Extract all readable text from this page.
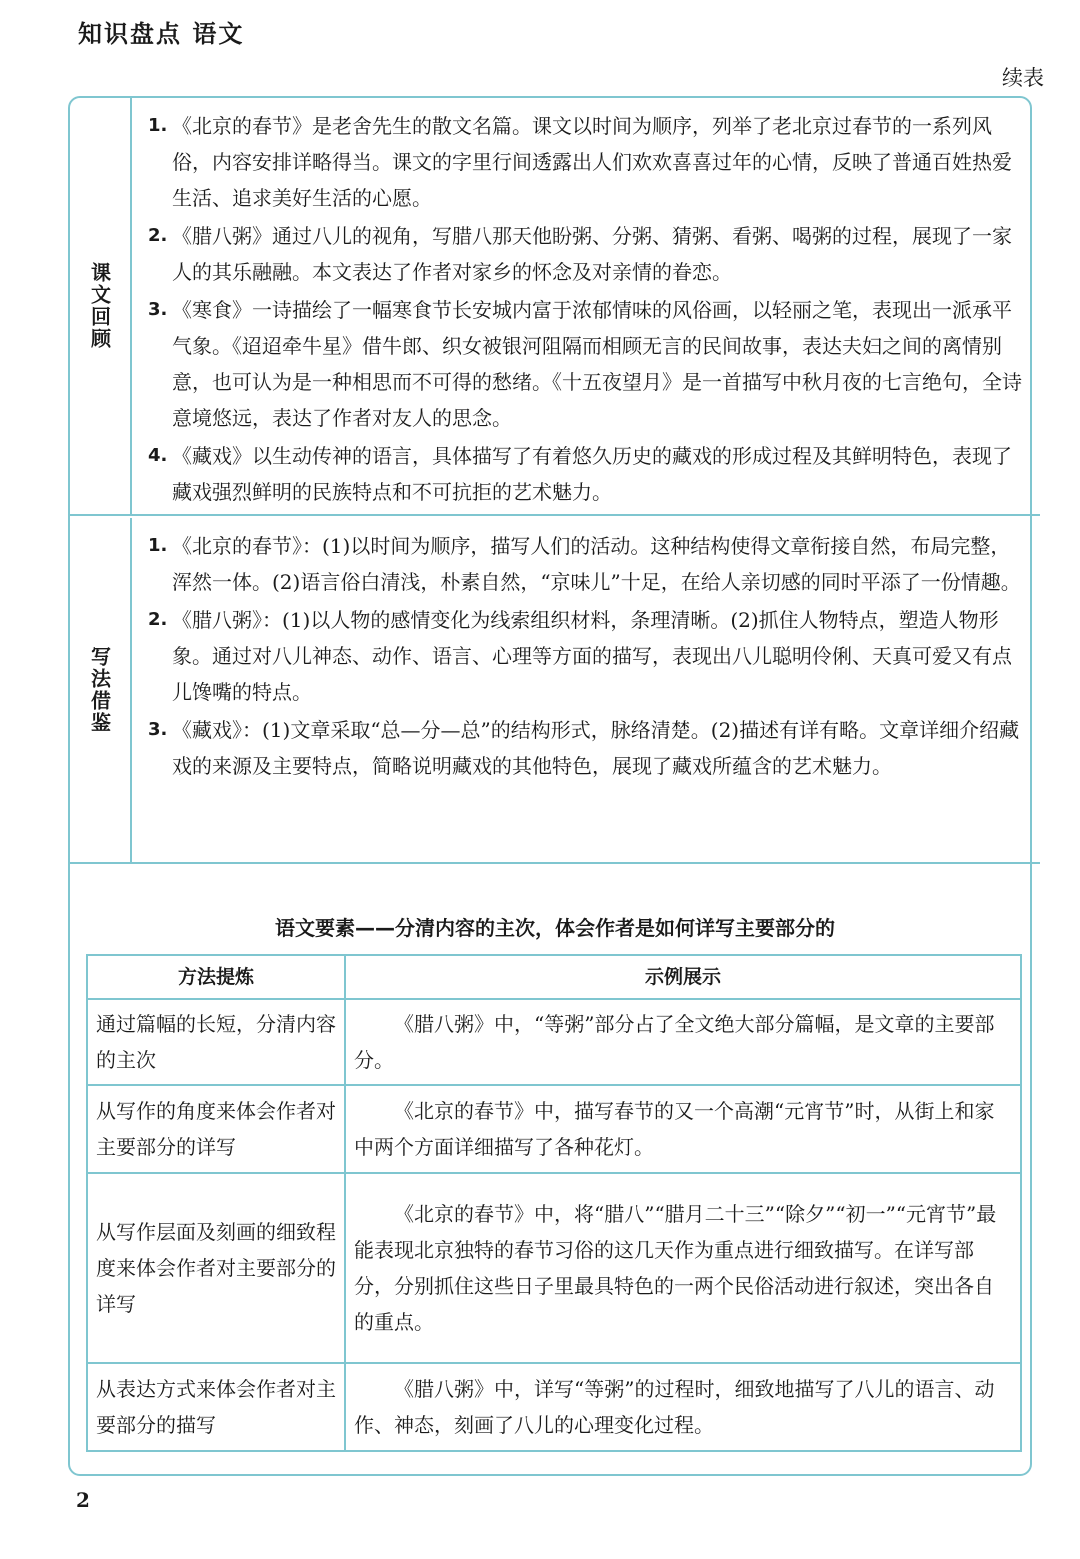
知识盘点 语文
续表
课文回顾
1. 《北京的春节》是老舍先生的散文名篇。课文以时间为顺序，列举了老北京过春节的一系列风俗，内容安排详略得当。课文的字里行间透露出人们欢欢喜喜过年的心情，反映了普通百姓热爱生活、追求美好生活的心愿。
2. 《腊八粥》通过八儿的视角，写腊八那天他盼粥、分粥、猜粥、看粥、喝粥的过程，展现了一家人的其乐融融。本文表达了作者对家乡的怀念及对亲情的眷恋。
3. 《寒食》一诗描绘了一幅寒食节长安城内富于浓郁情味的风俗画，以轻丽之笔，表现出一派承平气象。《迢迢牵牛星》借牛郎、织女被银河阻隔而相顾无言的民间故事，表达夫妇之间的离情别意，也可认为是一种相思而不可得的愁绪。《十五夜望月》是一首描写中秋月夜的七言绝句，全诗意境悠远，表达了作者对友人的思念。
4. 《藏戏》以生动传神的语言，具体描写了有着悠久历史的藏戏的形成过程及其鲜明特色，表现了藏戏强烈鲜明的民族特点和不可抗拒的艺术魅力。
写法借鉴
1. 《北京的春节》：(1)以时间为顺序，描写人们的活动。这种结构使得文章衔接自然，布局完整，浑然一体。(2)语言俗白清浅，朴素自然，“京味儿”十足，在给人亲切感的同时平添了一份情趣。
2. 《腊八粥》：(1)以人物的感情变化为线索组织材料，条理清晰。(2)抓住人物特点，塑造人物形象。通过对八儿神态、动作、语言、心理等方面的描写，表现出八儿聪明伶俐、天真可爱又有点儿馋嘴的特点。
3. 《藏戏》：(1)文章采取“总—分—总”的结构形式，脉络清楚。(2)描述有详有略。文章详细介绍藏戏的来源及主要特点，简略说明藏戏的其他特色，展现了藏戏所蕴含的艺术魅力。
语文要素——分清内容的主次，体会作者是如何详写主要部分的
方法提炼	示例展示
通过篇幅的长短，分清内容的主次	《腊八粥》中，“等粥”部分占了全文绝大部分篇幅，是文章的主要部分。
从写作的角度来体会作者对主要部分的详写	《北京的春节》中，描写春节的又一个高潮“元宵节”时，从街上和家中两个方面详细描写了各种花灯。
从写作层面及刻画的细致程度来体会作者对主要部分的详写	《北京的春节》中，将“腊八”“腊月二十三”“除夕”“初一”“元宵节”最能表现北京独特的春节习俗的这几天作为重点进行细致描写。在详写部分，分别抓住这些日子里最具特色的一两个民俗活动进行叙述，突出各自的重点。
从表达方式来体会作者对主要部分的描写	《腊八粥》中，详写“等粥”的过程时，细致地描写了八儿的语言、动作、神态，刻画了八儿的心理变化过程。
2
